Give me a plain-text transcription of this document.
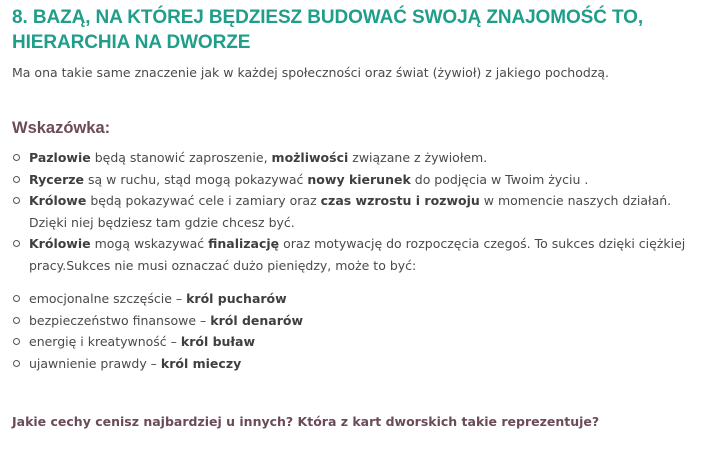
8. BAZĄ, NA KTÓREJ BĘDZIESZ BUDOWAĆ SWOJĄ ZNAJOMOŚĆ TO, HIERARCHIA NA DWORZE
Ma ona takie same znaczenie jak w każdej społeczności oraz świat (żywioł) z jakiego pochodzą.
Wskazówka:
Pazlowie będą stanowić zaproszenie, możliwości związane z żywiołem.
Rycerze są w ruchu, stąd mogą pokazywać nowy kierunek do podjęcia w Twoim życiu .
Królowe będą pokazywać cele i zamiary oraz czas wzrostu i rozwoju w momencie naszych działań. Dzięki niej będziesz tam gdzie chcesz być.
Królowie mogą wskazywać finalizację oraz motywację do rozpoczęcia czegoś. To sukces dzięki ciężkiej pracy.Sukces nie musi oznaczać dużo pieniędzy, może to być:
emocjonalne szczęście – król pucharów
bezpieczeństwo finansowe – król denarów
energię i kreatywność – król buław
ujawnienie prawdy – król mieczy
Jakie cechy cenisz najbardziej u innych? Która z kart dworskich takie reprezentuje?
